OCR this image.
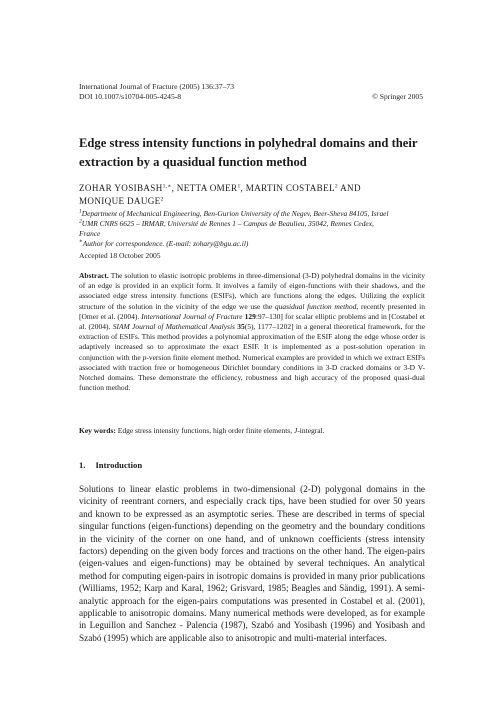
International Journal of Fracture (2005) 136:37–73
DOI 10.1007/s10704-005-4245-8	© Springer 2005
Edge stress intensity functions in polyhedral domains and their
extraction by a quasidual function method
ZOHAR $YOSIBASH^{1,∗}$, NETTA OMER$^1$, MARTIN COSTABEL$^2$ AND
MONIQUE DAUGE$^2$
$^1$Department of Mechanical Engineering, Ben-Gurion University of the Negev, Beer-Sheva 84105, Israel
$^2$UMR CNRS 6625 – IRMAR, Université de Rennes 1 – Campus de Beaulieu, 35042, Rennes Cedex,
France
∗Author for correspondence. (E-mail: zohary@bgu.ac.il)
Accepted 18 October 2005
Abstract. The solution to elastic isotropic problems in three-dimensional (3-D) polyhedral domains in the vicinity of an edge is provided in an explicit form. It involves a family of eigen-functions with their shadows, and the associated edge stress intensity functions (ESIFs), which are functions along the edges. Utilizing the explicit structure of the solution in the vicinity of the edge we use the quasidual function method, recently presented in [Omer et al. (2004). International Journal of Fracture 129:97–130] for scalar elliptic problems and in [Costabel et al. (2004). SIAM Journal of Mathematical Analysis 35(5), 1177–1202] in a general theoretical framework, for the extraction of ESIFs. This method provides a polynomial approximation of the ESIF along the edge whose order is adaptively increased so to approximate the exact ESIF. It is implemented as a post-solution operation in conjunction with the p-version finite element method. Numerical examples are provided in which we extract ESIFs associated with traction free or homogeneous Dirichlet boundary conditions in 3-D cracked domains or 3-D V-Notched domains. These demonstrate the efficiency, robustness and high accuracy of the proposed quasi-dual function method.
Key words: Edge stress intensity functions, high order finite elements, J-integral.
1. Introduction
Solutions to linear elastic problems in two-dimensional (2-D) polygonal domains in the vicinity of reentrant corners, and especially crack tips, have been studied for over 50 years and known to be expressed as an asymptotic series. These are described in terms of special singular functions (eigen-functions) depending on the geometry and the boundary conditions in the vicinity of the corner on one hand, and of unknown coefficients (stress intensity factors) depending on the given body forces and tractions on the other hand. The eigen-pairs (eigen-values and eigen-functions) may be obtained by several techniques. An analytical method for computing eigen-pairs in isotropic domains is provided in many prior publications (Williams, 1952; Karp and Karal, 1962; Grisvard, 1985; Beagles and Sändig, 1991). A semi-analytic approach for the eigen-pairs computations was presented in Costabel et al. (2001), applicable to anisotropic domains. Many numerical methods were developed, as for example in Leguillon and Sanchez - Palencia (1987), Szabó and Yosibash (1996) and Yosibash and Szabó (1995) which are applicable also to anisotropic and multi-material interfaces.
